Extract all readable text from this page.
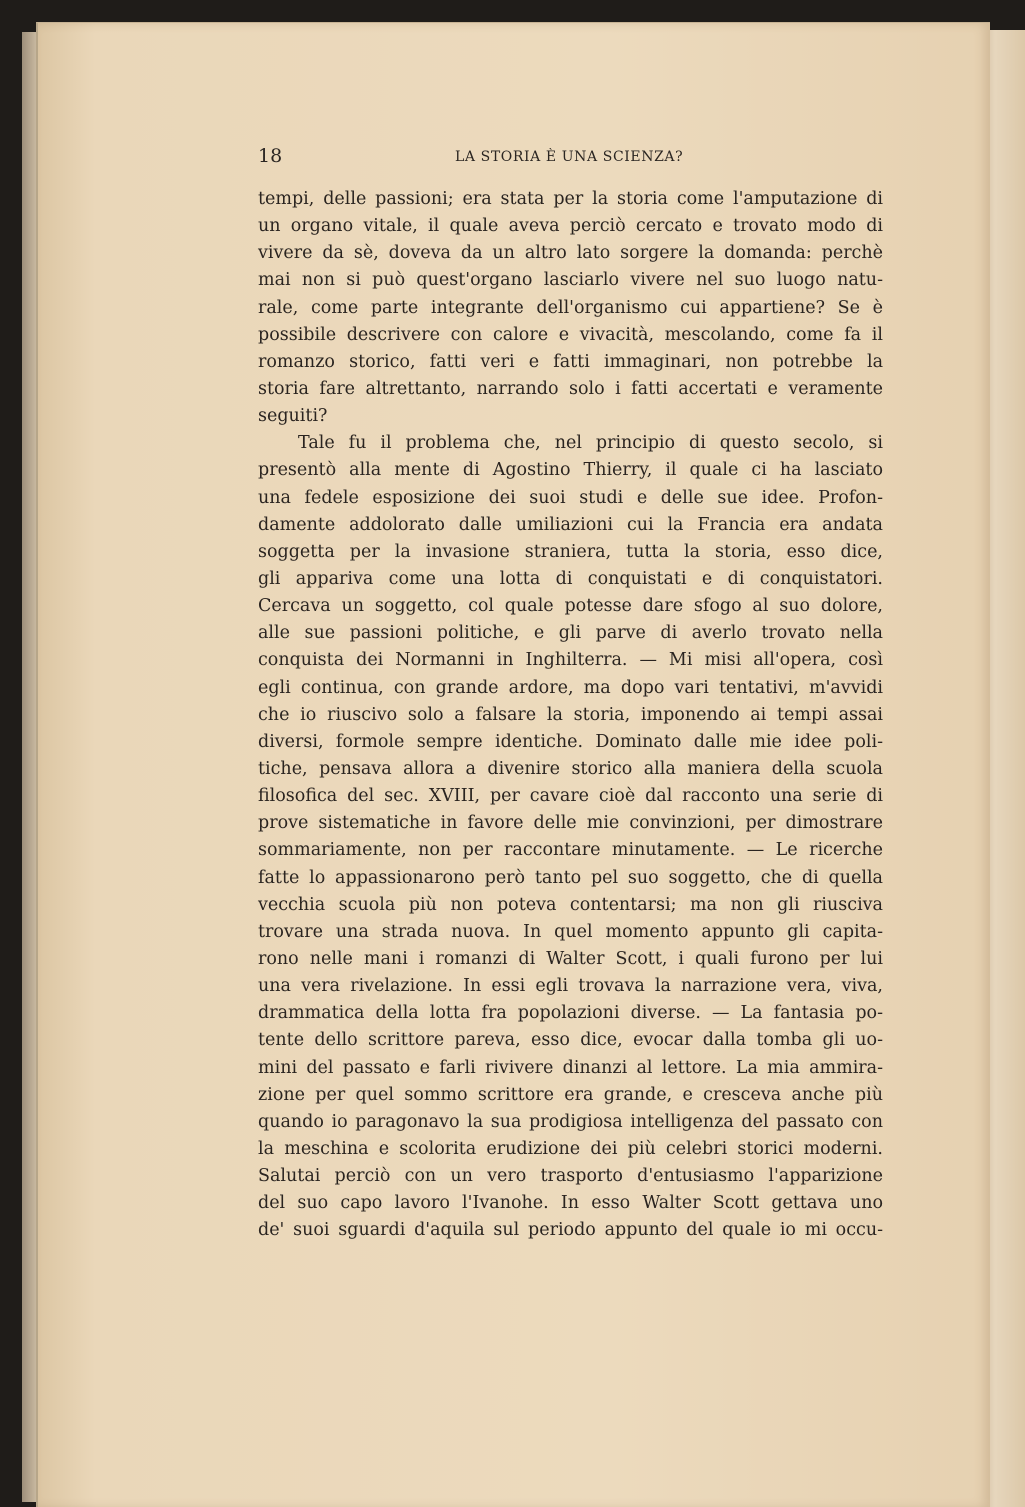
18	LA STORIA È UNA SCIENZA?
tempi, delle passioni; era stata per la storia come l'amputazione di
un organo vitale, il quale aveva perciò cercato e trovato modo di
vivere da sè, doveva da un altro lato sorgere la domanda: perchè
mai non si può quest'organo lasciarlo vivere nel suo luogo natu-
rale, come parte integrante dell'organismo cui appartiene? Se è
possibile descrivere con calore e vivacità, mescolando, come fa il
romanzo storico, fatti veri e fatti immaginari, non potrebbe la
storia fare altrettanto, narrando solo i fatti accertati e veramente
seguiti?
Tale fu il problema che, nel principio di questo secolo, si
presentò alla mente di Agostino Thierry, il quale ci ha lasciato
una fedele esposizione dei suoi studi e delle sue idee. Profon-
damente addolorato dalle umiliazioni cui la Francia era andata
soggetta per la invasione straniera, tutta la storia, esso dice,
gli appariva come una lotta di conquistati e di conquistatori.
Cercava un soggetto, col quale potesse dare sfogo al suo dolore,
alle sue passioni politiche, e gli parve di averlo trovato nella
conquista dei Normanni in Inghilterra. — Mi misi all'opera, così
egli continua, con grande ardore, ma dopo vari tentativi, m'avvidi
che io riuscivo solo a falsare la storia, imponendo ai tempi assai
diversi, formole sempre identiche. Dominato dalle mie idee poli-
tiche, pensava allora a divenire storico alla maniera della scuola
filosofica del sec. XVIII, per cavare cioè dal racconto una serie di
prove sistematiche in favore delle mie convinzioni, per dimostrare
sommariamente, non per raccontare minutamente. — Le ricerche
fatte lo appassionarono però tanto pel suo soggetto, che di quella
vecchia scuola più non poteva contentarsi; ma non gli riusciva
trovare una strada nuova. In quel momento appunto gli capita-
rono nelle mani i romanzi di Walter Scott, i quali furono per lui
una vera rivelazione. In essi egli trovava la narrazione vera, viva,
drammatica della lotta fra popolazioni diverse. — La fantasia po-
tente dello scrittore pareva, esso dice, evocar dalla tomba gli uo-
mini del passato e farli rivivere dinanzi al lettore. La mia ammira-
zione per quel sommo scrittore era grande, e cresceva anche più
quando io paragonavo la sua prodigiosa intelligenza del passato con
la meschina e scolorita erudizione dei più celebri storici moderni.
Salutai perciò con un vero trasporto d'entusiasmo l'apparizione
del suo capo lavoro l'Ivanohe. In esso Walter Scott gettava uno
de' suoi sguardi d'aquila sul periodo appunto del quale io mi occu-
